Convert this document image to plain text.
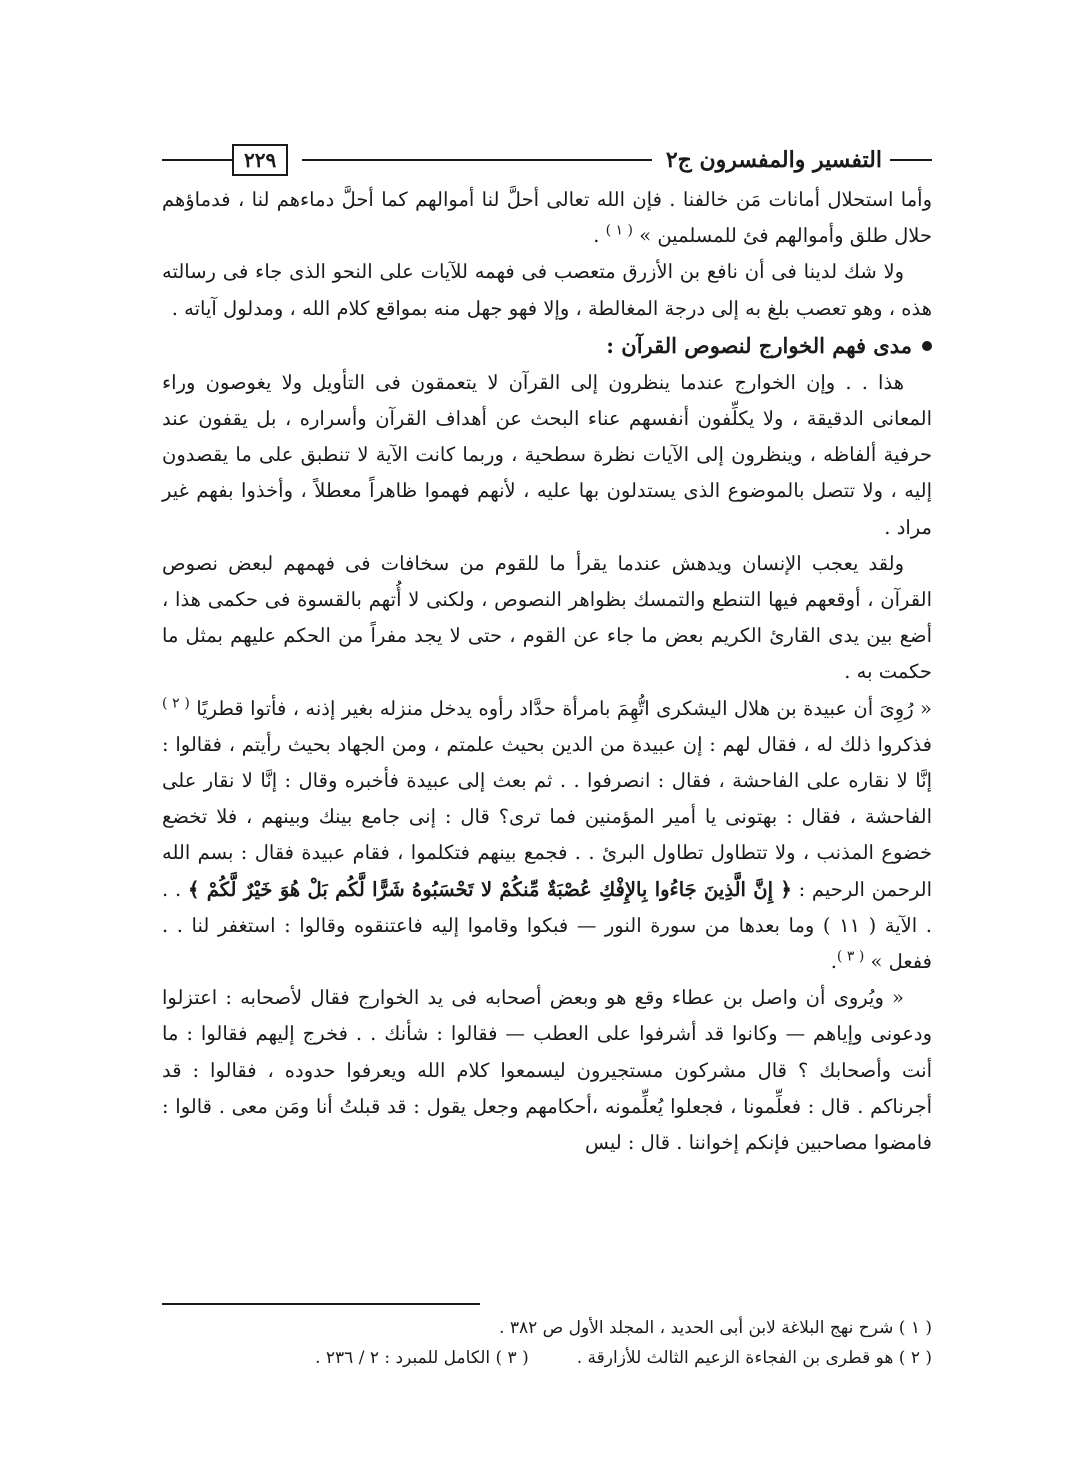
التفسير والمفسرون ج٢
٢٢٩

وأما استحلال أمانات مَن خالفنا . فإن الله تعالى أحلَّ لنا أموالهم كما أحلَّ دماءهم لنا ، فدماؤهم حلال طلق وأموالهم فئ للمسلمين » $^{( ١ )}$ .

ولا شك لدينا فى أن نافع بن الأزرق متعصب فى فهمه للآيات على النحو الذى جاء فى رسالته هذه ، وهو تعصب بلغ به إلى درجة المغالطة ، وإلا فهو جهل منه بمواقع كلام الله ، ومدلول آياته .

مدى فهم الخوارج لنصوص القرآن :

هذا . . وإن الخوارج عندما ينظرون إلى القرآن لا يتعمقون فى التأويل ولا يغوصون وراء المعانى الدقيقة ، ولا يكلِّفون أنفسهم عناء البحث عن أهداف القرآن وأسراره ، بل يقفون عند حرفية ألفاظه ، وينظرون إلى الآيات نظرة سطحية ، وربما كانت الآية لا تنطبق على ما يقصدون إليه ، ولا تتصل بالموضوع الذى يستدلون بها عليه ، لأنهم فهموا ظاهراً معطلاً ، وأخذوا بفهم غير مراد .

ولقد يعجب الإنسان ويدهش عندما يقرأ ما للقوم من سخافات فى فهمهم لبعض نصوص القرآن ، أوقعهم فيها التنطع والتمسك بظواهر النصوص ، ولكنى لا أُتهم بالقسوة فى حكمى هذا ، أضع بين يدى القارئ الكريم بعض ما جاء عن القوم ، حتى لا يجد مفراً من الحكم عليهم بمثل ما حكمت به .

« رُوِىَ أن عبيدة بن هلال اليشكرى اتُّهِمَ بامرأة حدَّاد رأوه يدخل منزله بغير إذنه ، فأتوا قطريًا $^{( ٢ )}$ فذكروا ذلك له ، فقال لهم : إن عبيدة من الدين بحيث علمتم ، ومن الجهاد بحيث رأيتم ، فقالوا : إنَّا لا نقاره على الفاحشة ، فقال : انصرفوا . . ثم بعث إلى عبيدة فأخبره وقال : إنَّا لا نقار على الفاحشة ، فقال : بهتونى يا أمير المؤمنين فما ترى؟ قال : إنى جامع بينك وبينهم ، فلا تخضع خضوع المذنب ، ولا تتطاول تطاول البرئ . . فجمع بينهم فتكلموا ، فقام عبيدة فقال : بسم الله الرحمن الرحيم : ﴿ إِنَّ الَّذِينَ جَاءُوا بِالإِفْكِ عُصْبَةٌ مِّنكُمْ لا تَحْسَبُوهُ شَرًّا لَّكُم بَلْ هُوَ خَيْرٌ لَّكُمْ ﴾ . . . الآية ( ١١ ) وما بعدها من سورة النور — فبكوا وقاموا إليه فاعتنقوه وقالوا : استغفر لنا . . ففعل » $^{( ٣ )}$.

« ويُروى أن واصل بن عطاء وقع هو وبعض أصحابه فى يد الخوارج فقال لأصحابه : اعتزلوا ودعونى وإياهم — وكانوا قد أشرفوا على العطب — فقالوا : شأنك . . فخرج إليهم فقالوا : ما أنت وأصحابك ؟ قال مشركون مستجيرون ليسمعوا كلام الله ويعرفوا حدوده ، فقالوا : قد أجرناكم . قال : فعلِّمونا ، فجعلوا يُعلِّمونه ،أحكامهم وجعل يقول : قد قبلتُ أنا ومَن معى . قالوا : فامضوا مصاحبين فإنكم إخواننا . قال : ليس

( ١ ) شرح نهج البلاغة لابن أبى الحديد ، المجلد الأول ص ٣٨٢ .
( ٢ ) هو قطرى بن الفجاءة الزعيم الثالث للأزارقة .
( ٣ ) الكامل للمبرد : ٢ / ٢٣٦ .
